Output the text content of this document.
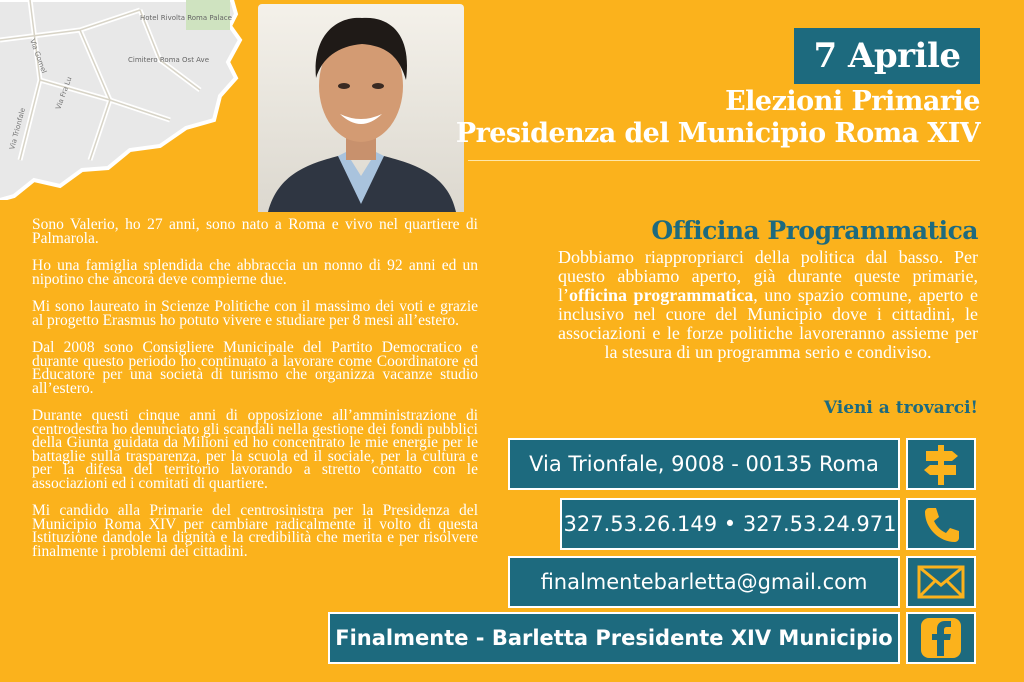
Cimitero Roma Ost Ave
Hotel Rivolta Roma Palace
Via Fra Lu
Via Trionfale
Via Gomel	7 Aprile
Elezioni Primarie
Presidenza del Municipio Roma XIV

Sono Valerio, ho 27 anni, sono nato a Roma e vivo nel quartiere di Palmarola.

Ho una famiglia splendida che abbraccia un nonno di 92 anni ed un nipotino che ancora deve compierne due.

Mi sono laureato in Scienze Politiche con il massimo dei voti e grazie al progetto Erasmus ho potuto vivere e studiare per 8 mesi all’estero.

Dal 2008 sono Consigliere Municipale del Partito Democratico e durante questo periodo ho continuato a lavorare come Coordinatore ed Educatore per una società di turismo che organizza vacanze studio all’estero.

Durante questi cinque anni di opposizione all’amministrazione di centrodestra ho denunciato gli scandali nella gestione dei fondi pubblici della Giunta guidata da Milioni ed ho concentrato le mie energie per le battaglie sulla trasparenza, per la scuola ed il sociale, per la cultura e per la difesa del territorio lavorando a stretto contatto con le associazioni ed i comitati di quartiere.

Mi candido alla Primarie del centrosinistra per la Presidenza del Municipio Roma XIV per cambiare radicalmente il volto di questa Istituzione dandole la dignità e la credibilità che merita e per risolvere finalmente i problemi dei cittadini.

Officina Programmatica
Dobbiamo riappropriarci della politica dal basso. Per questo abbiamo aperto, già durante queste primarie, l’officina programmatica, uno spazio comune, aperto e inclusivo nel cuore del Municipio dove i cittadini, le associazioni e le forze politiche lavoreranno assieme per la stesura di un programma serio e condiviso.
Vieni a trovarci!
Via Trionfale, 9008 - 00135 Roma
327.53.26.149 • 327.53.24.971
finalmentebarletta@gmail.com
Finalmente - Barletta Presidente XIV Municipio
